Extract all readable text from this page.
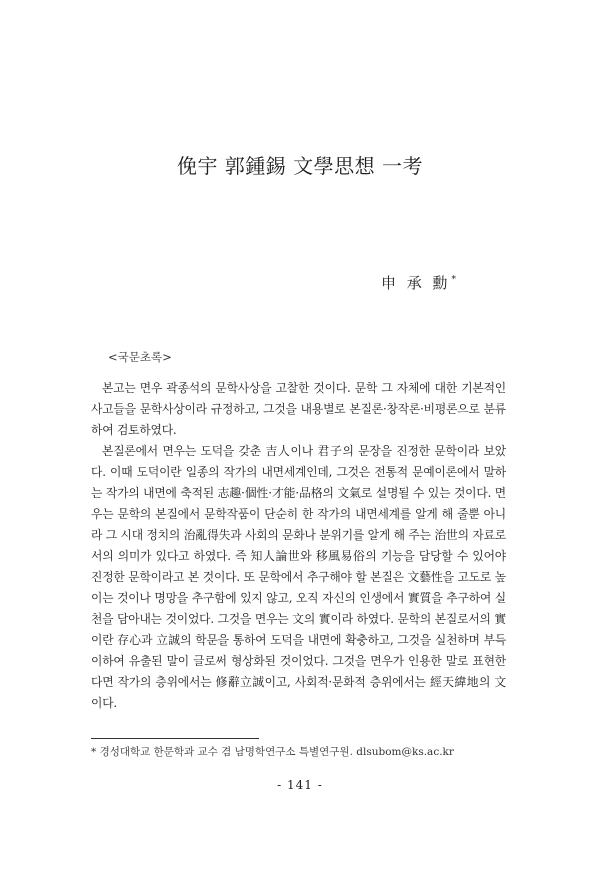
俛宇 郭鍾錫 文學思想 一考
申 承 勳*
<국문초록>

본고는 면우 곽종석의 문학사상을 고찰한 것이다. 문학 그 자체에 대한 기본적인 사고들을 문학사상이라 규정하고, 그것을 내용별로 본질론·창작론·비평론으로 분류하여 검토하였다.

본질론에서 면우는 도덕을 갖춘 吉人이나 君子의 문장을 진정한 문학이라 보았다. 이때 도덕이란 일종의 작가의 내면세계인데, 그것은 전통적 문예이론에서 말하는 작가의 내면에 축적된 志趣·個性·才能·品格의 文氣로 설명될 수 있는 것이다. 면우는 문학의 본질에서 문학작품이 단순히 한 작가의 내면세계를 알게 해 줄뿐 아니라 그 시대 정치의 治亂得失과 사회의 문화나 분위기를 알게 해 주는 治世의 자료로서의 의미가 있다고 하였다. 즉 知人論世와 移風易俗의 기능을 담당할 수 있어야 진정한 문학이라고 본 것이다. 또 문학에서 추구해야 할 본질은 文藝性을 고도로 높이는 것이나 명망을 추구함에 있지 않고, 오직 자신의 인생에서 實質을 추구하여 실천을 담아내는 것이었다. 그것을 면우는 文의 實이라 하였다. 문학의 본질로서의 實이란 存心과 立誠의 학문을 통하여 도덕을 내면에 확충하고, 그것을 실천하며 부득이하여 유출된 말이 글로써 형상화된 것이었다. 그것을 면우가 인용한 말로 표현한다면 작가의 층위에서는 修辭立誠이고, 사회적·문화적 층위에서는 經天緯地의 文이다.

* 경성대학교 한문학과 교수 겸 남명학연구소 특별연구원. dlsubom@ks.ac.kr
- 141 -
